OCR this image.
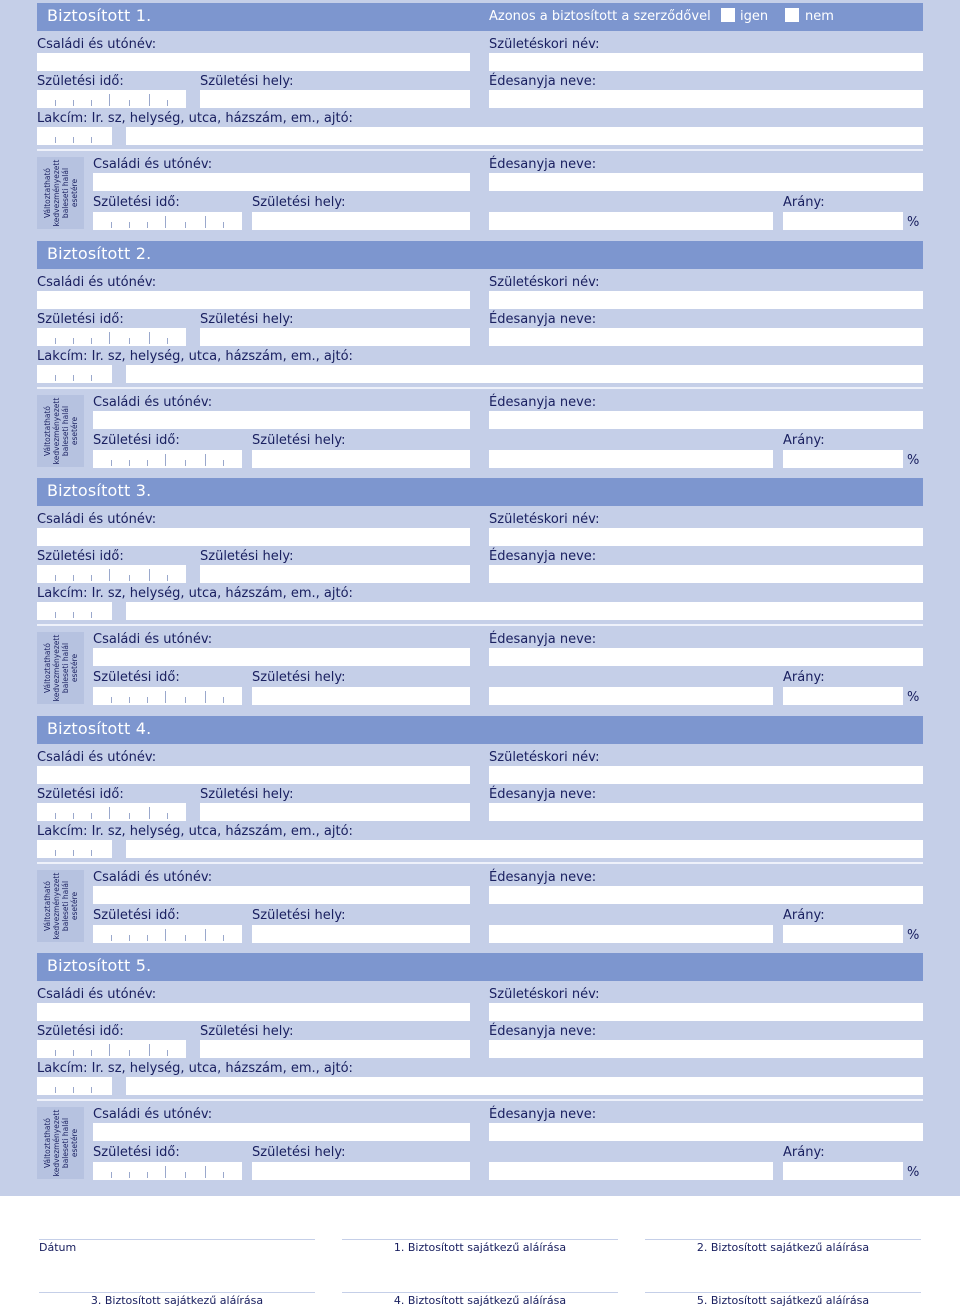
Biztosított 1.	Azonos a biztosított a szerződővel igen	nem
Családi és utónév:	Születéskori név:
Születési idő:	Születési hely:	Édesanyja neve:
Lakcím: Ir. sz, helység, utca, házszám, em., ajtó:
Változtatható kedvezményezett baleseti halál esetére
Családi és utónév:	Édesanyja neve:
Születési idő:	Születési hely:	Arány:
%
Biztosított 2.
Családi és utónév:	Születéskori név:
Születési idő:	Születési hely:	Édesanyja neve:
Lakcím: Ir. sz, helység, utca, házszám, em., ajtó:
Változtatható kedvezményezett baleseti halál esetére
Családi és utónév:	Édesanyja neve:
Születési idő:	Születési hely:	Arány:
%
Biztosított 3.
Családi és utónév:	Születéskori név:
Születési idő:	Születési hely:	Édesanyja neve:
Lakcím: Ir. sz, helység, utca, házszám, em., ajtó:
Változtatható kedvezményezett baleseti halál esetére
Családi és utónév:	Édesanyja neve:
Születési idő:	Születési hely:	Arány:
%
Biztosított 4.
Családi és utónév:	Születéskori név:
Születési idő:	Születési hely:	Édesanyja neve:
Lakcím: Ir. sz, helység, utca, házszám, em., ajtó:
Változtatható kedvezményezett baleseti halál esetére
Családi és utónév:	Édesanyja neve:
Születési idő:	Születési hely:	Arány:
%
Biztosított 5.
Családi és utónév:	Születéskori név:
Születési idő:	Születési hely:	Édesanyja neve:
Lakcím: Ir. sz, helység, utca, házszám, em., ajtó:
Változtatható kedvezményezett baleseti halál esetére
Családi és utónév:	Édesanyja neve:
Születési idő:	Születési hely:	Arány:
%
Dátum	1. Biztosított sajátkezű aláírása	2. Biztosított sajátkezű aláírása
3. Biztosított sajátkezű aláírása	4. Biztosított sajátkezű aláírása	5. Biztosított sajátkezű aláírása
